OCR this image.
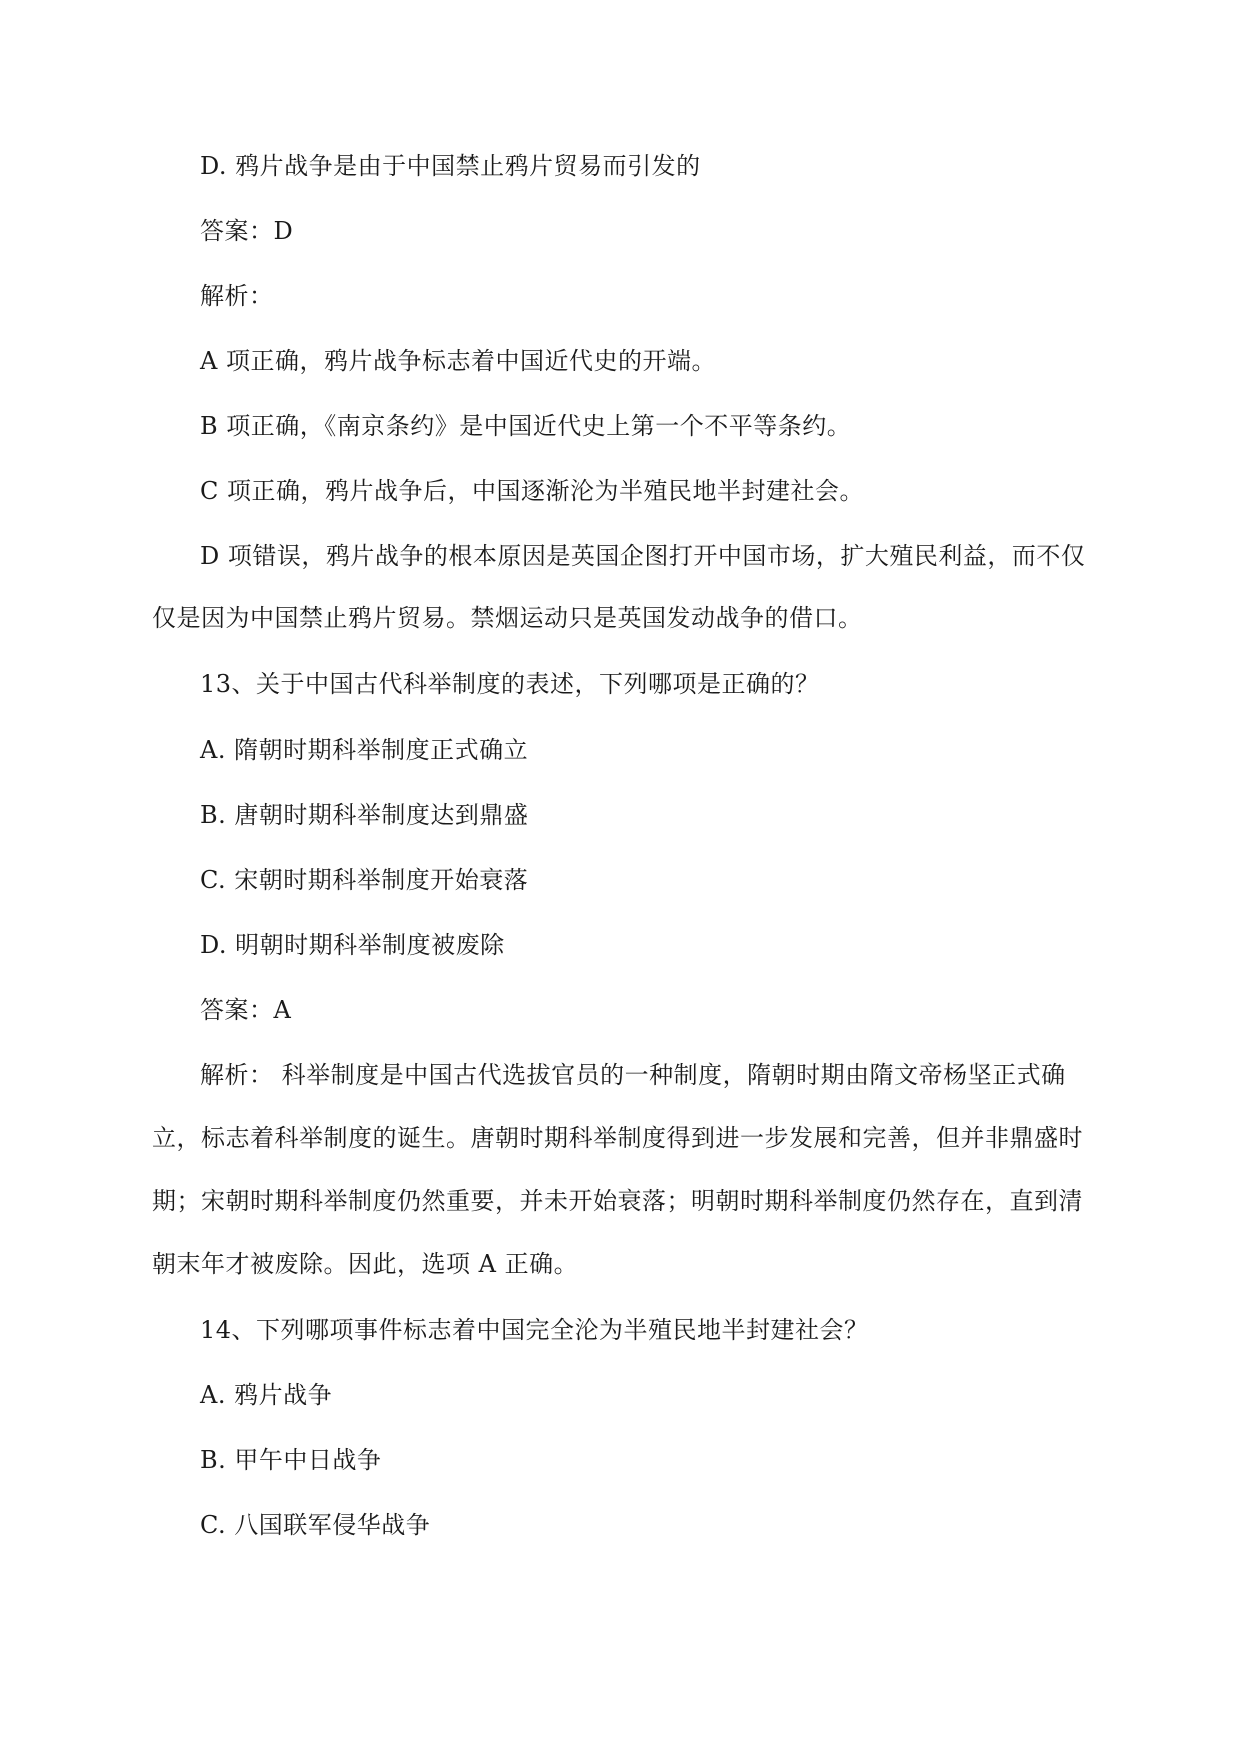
D. 鸦片战争是由于中国禁止鸦片贸易而引发的
答案：D
解析：
A 项正确，鸦片战争标志着中国近代史的开端。
B 项正确，《南京条约》是中国近代史上第一个不平等条约。
C 项正确，鸦片战争后，中国逐渐沦为半殖民地半封建社会。
D 项错误，鸦片战争的根本原因是英国企图打开中国市场，扩大殖民利益，而不仅
仅是因为中国禁止鸦片贸易。禁烟运动只是英国发动战争的借口。
13、关于中国古代科举制度的表述，下列哪项是正确的？
A. 隋朝时期科举制度正式确立
B. 唐朝时期科举制度达到鼎盛
C. 宋朝时期科举制度开始衰落
D. 明朝时期科举制度被废除
答案：A
解析： 科举制度是中国古代选拔官员的一种制度，隋朝时期由隋文帝杨坚正式确
立，标志着科举制度的诞生。唐朝时期科举制度得到进一步发展和完善，但并非鼎盛时
期；宋朝时期科举制度仍然重要，并未开始衰落；明朝时期科举制度仍然存在，直到清
朝末年才被废除。因此，选项 A 正确。
14、下列哪项事件标志着中国完全沦为半殖民地半封建社会？
A. 鸦片战争
B. 甲午中日战争
C. 八国联军侵华战争
